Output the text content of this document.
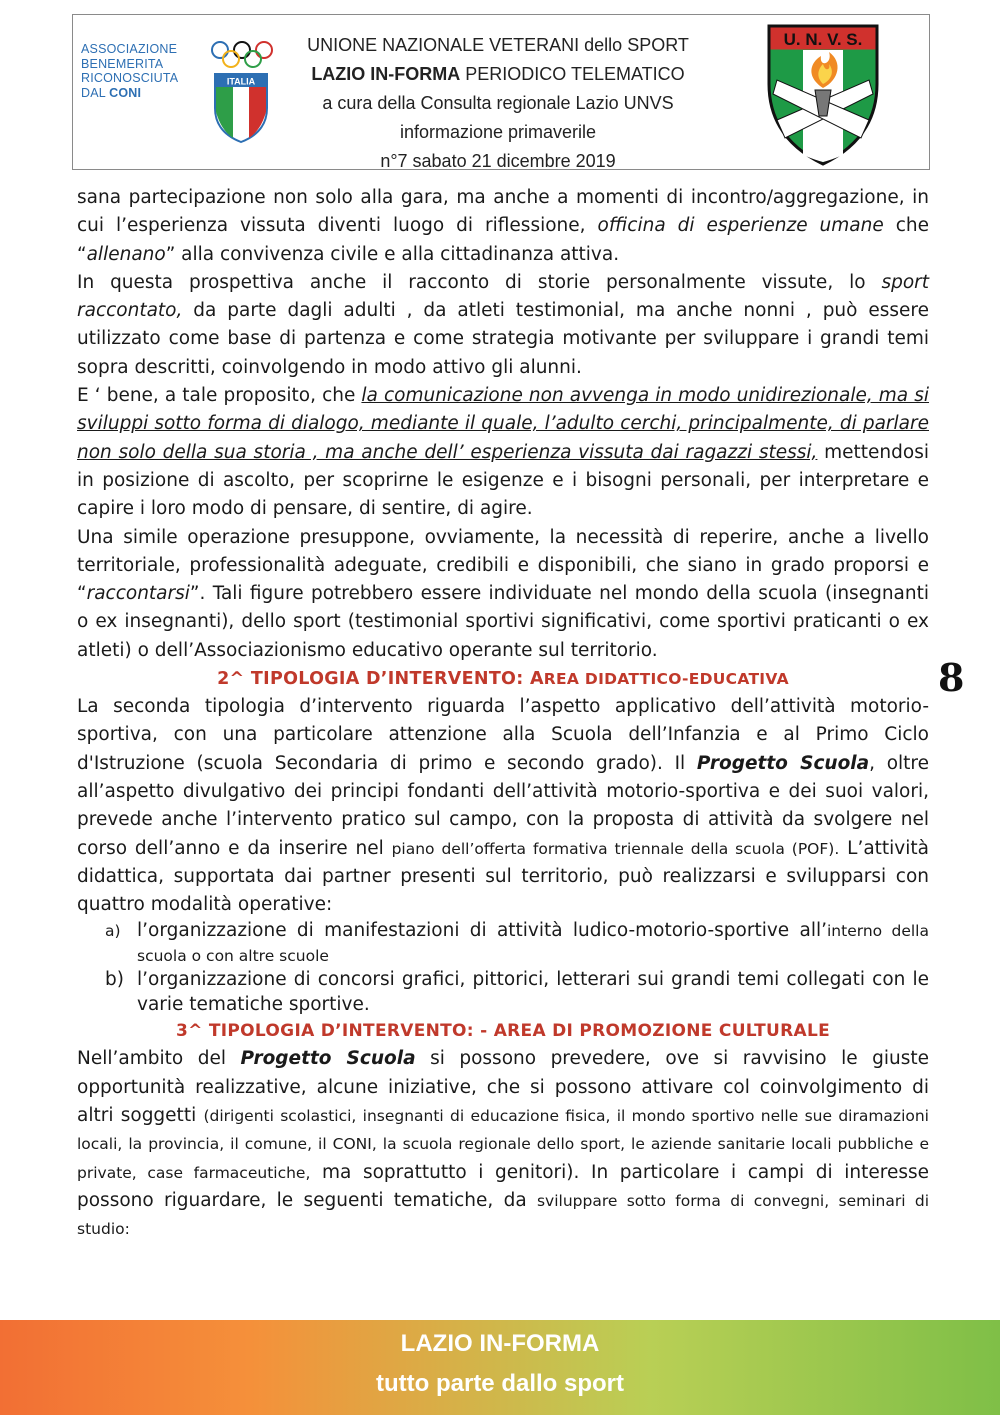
ASSOCIAZIONE
BENEMERITA
RICONOSCIUTA
DAL CONI
ITALIA
UNIONE NAZIONALE VETERANI dello SPORT
LAZIO IN-FORMA PERIODICO TELEMATICO
a cura della Consulta regionale Lazio UNVS
informazione primaverile
n°7 sabato 21 dicembre 2019
U. N. V. S.

sana partecipazione non solo alla gara, ma anche a momenti di incontro/aggregazione, in cui l’esperienza vissuta diventi luogo di riflessione, officina di esperienze umane che “allenano” alla convivenza civile e alla cittadinanza attiva.

In questa prospettiva anche il racconto di storie personalmente vissute, lo sport raccontato, da parte dagli adulti , da atleti testimonial, ma anche nonni , può essere utilizzato come base di partenza e come strategia motivante per sviluppare i grandi temi sopra descritti, coinvolgendo in modo attivo gli alunni.

E ‘ bene, a tale proposito, che la comunicazione non avvenga in modo unidirezionale, ma si sviluppi sotto forma di dialogo, mediante il quale, l’adulto cerchi, principalmente, di parlare non solo della sua storia , ma anche dell’ esperienza vissuta dai ragazzi stessi, mettendosi in posizione di ascolto, per scoprirne le esigenze e i bisogni personali, per interpretare e capire i loro modo di pensare, di sentire, di agire.

Una simile operazione presuppone, ovviamente, la necessità di reperire, anche a livello territoriale, professionalità adeguate, credibili e disponibili, che siano in grado proporsi e “raccontarsi”. Tali figure potrebbero essere individuate nel mondo della scuola (insegnanti o ex insegnanti), dello sport (testimonial sportivi significativi, come sportivi praticanti o ex atleti) o dell’Associazionismo educativo operante sul territorio.

2^ TIPOLOGIA D’INTERVENTO: AREA DIDATTICO-EDUCATIVA

La seconda tipologia d’intervento riguarda l’aspetto applicativo dell’attività motorio-sportiva, con una particolare attenzione alla Scuola dell’Infanzia e al Primo Ciclo d'Istruzione (scuola Secondaria di primo e secondo grado). Il Progetto Scuola, oltre all’aspetto divulgativo dei principi fondanti dell’attività motorio-sportiva e dei suoi valori, prevede anche l’intervento pratico sul campo, con la proposta di attività da svolgere nel corso dell’anno e da inserire nel piano dell’offerta formativa triennale della scuola (POF). L’attività didattica, supportata dai partner presenti sul territorio, può realizzarsi e svilupparsi con quattro modalità operative:

a) l’organizzazione di manifestazioni di attività ludico-motorio-sportive all’interno della scuola o con altre scuole
b) l’organizzazione di concorsi grafici, pittorici, letterari sui grandi temi collegati con le varie tematiche sportive.

3^ TIPOLOGIA D’INTERVENTO: - AREA DI PROMOZIONE CULTURALE

Nell’ambito del Progetto Scuola si possono prevedere, ove si ravvisino le giuste opportunità realizzative, alcune iniziative, che si possono attivare col coinvolgimento di altri soggetti (dirigenti scolastici, insegnanti di educazione fisica, il mondo sportivo nelle sue diramazioni locali, la provincia, il comune, il CONI, la scuola regionale dello sport, le aziende sanitarie locali pubbliche e private, case farmaceutiche, ma soprattutto i genitori). In particolare i campi di interesse possono riguardare, le seguenti tematiche, da sviluppare sotto forma di convegni, seminari di studio:

8
LAZIO IN-FORMA
tutto parte dallo sport
